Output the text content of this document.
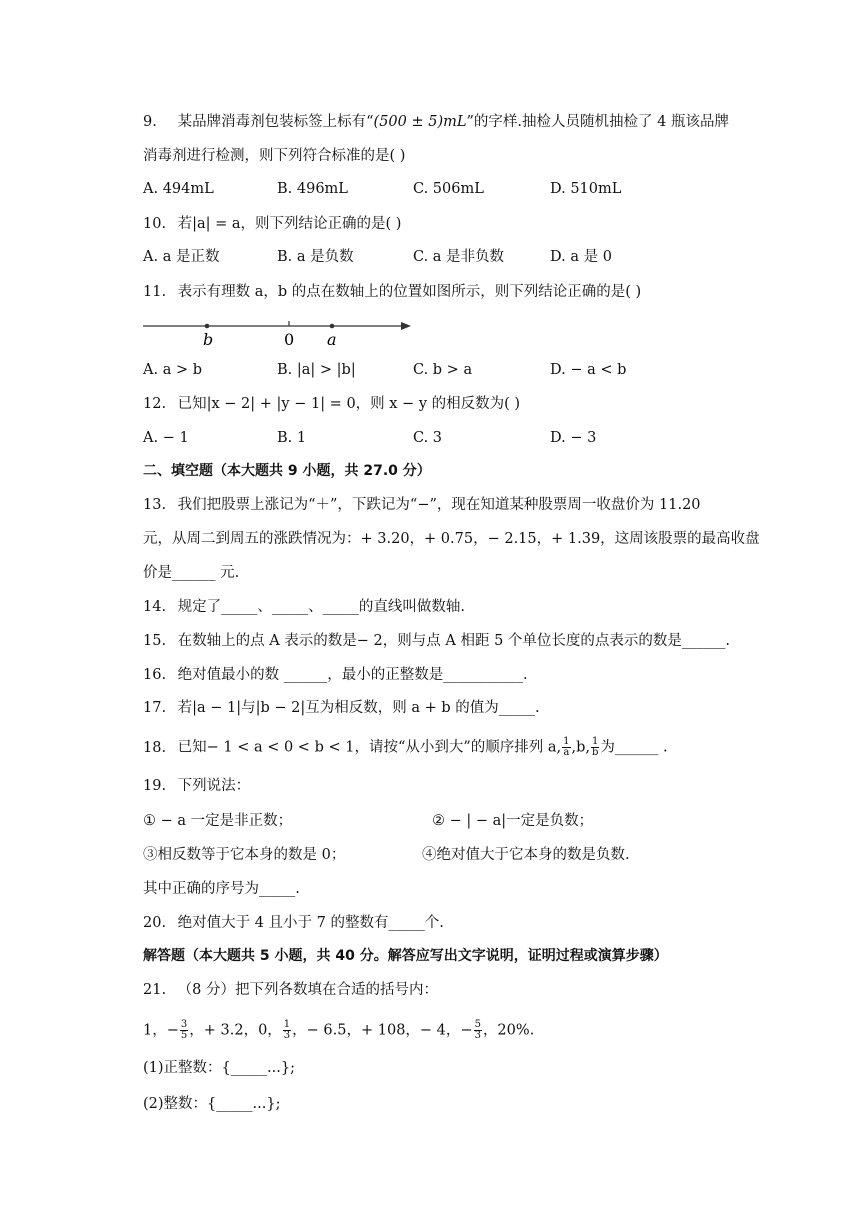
9. 某品牌消毒剂包装标签上标有“(500 ± 5)mL”的字样.抽检人员随机抽检了 4 瓶该品牌
消毒剂进行检测，则下列符合标准的是( )
A. 494mL	B. 496mL	C. 506mL	D. 510mL
10. 若|a| = a，则下列结论正确的是( )
A. a 是正数	B. a 是负数	C. a 是非负数	D. a 是 0
11. 表示有理数 a，b 的点在数轴上的位置如图所示，则下列结论正确的是( )
b	0 a
A. a > b	B. |a| > |b|	C. b > a	D. − a < b
12. 已知|x − 2| + |y − 1| = 0，则 x − y 的相反数为( )
A. − 1	B. 1	C. 3	D. − 3
二、填空题（本大题共 9 小题，共 27.0 分）
13. 我们把股票上涨记为“＋”，下跌记为“−”，现在知道某种股票周一收盘价为 11.20
元，从周二到周五的涨跌情况为：+ 3.20，+ 0.75，− 2.15，+ 1.39，这周该股票的最高收盘
价是______ 元.
14. 规定了_____、_____、_____的直线叫做数轴.
15. 在数轴上的点 A 表示的数是− 2，则与点 A 相距 5 个单位长度的点表示的数是______.
16. 绝对值最小的数 ______，最小的正整数是___________.
17. 若|a − 1|与|b − 2|互为相反数，则 a + b 的值为_____.
18. 已知− 1 < a < 0 < b < 1，请按“从小到大”的顺序排列 a, $\frac{1}{a} ,b$, $\frac{1}{b}$ 为______ .
19. 下列说法：
① − a 一定是非正数；	② − | − a|一定是负数；
③相反数等于它本身的数是 0；	④绝对值大于它本身的数是负数.
其中正确的序号为_____.
20. 绝对值大于 4 且小于 7 的整数有_____个.
解答题（本大题共 5 小题，共 40 分。解答应写出文字说明，证明过程或演算步骤）
21. （8 分）把下列各数填在合适的括号内：
1，− $\frac{3}{5}$ ，+ 3.2，0， $\frac{1}{3}$ ，− 6.5，+ 108，− 4，− $\frac{5}{3}$ ，20%.
(1)正整数：{_____...};
(2)整数：{_____...};
